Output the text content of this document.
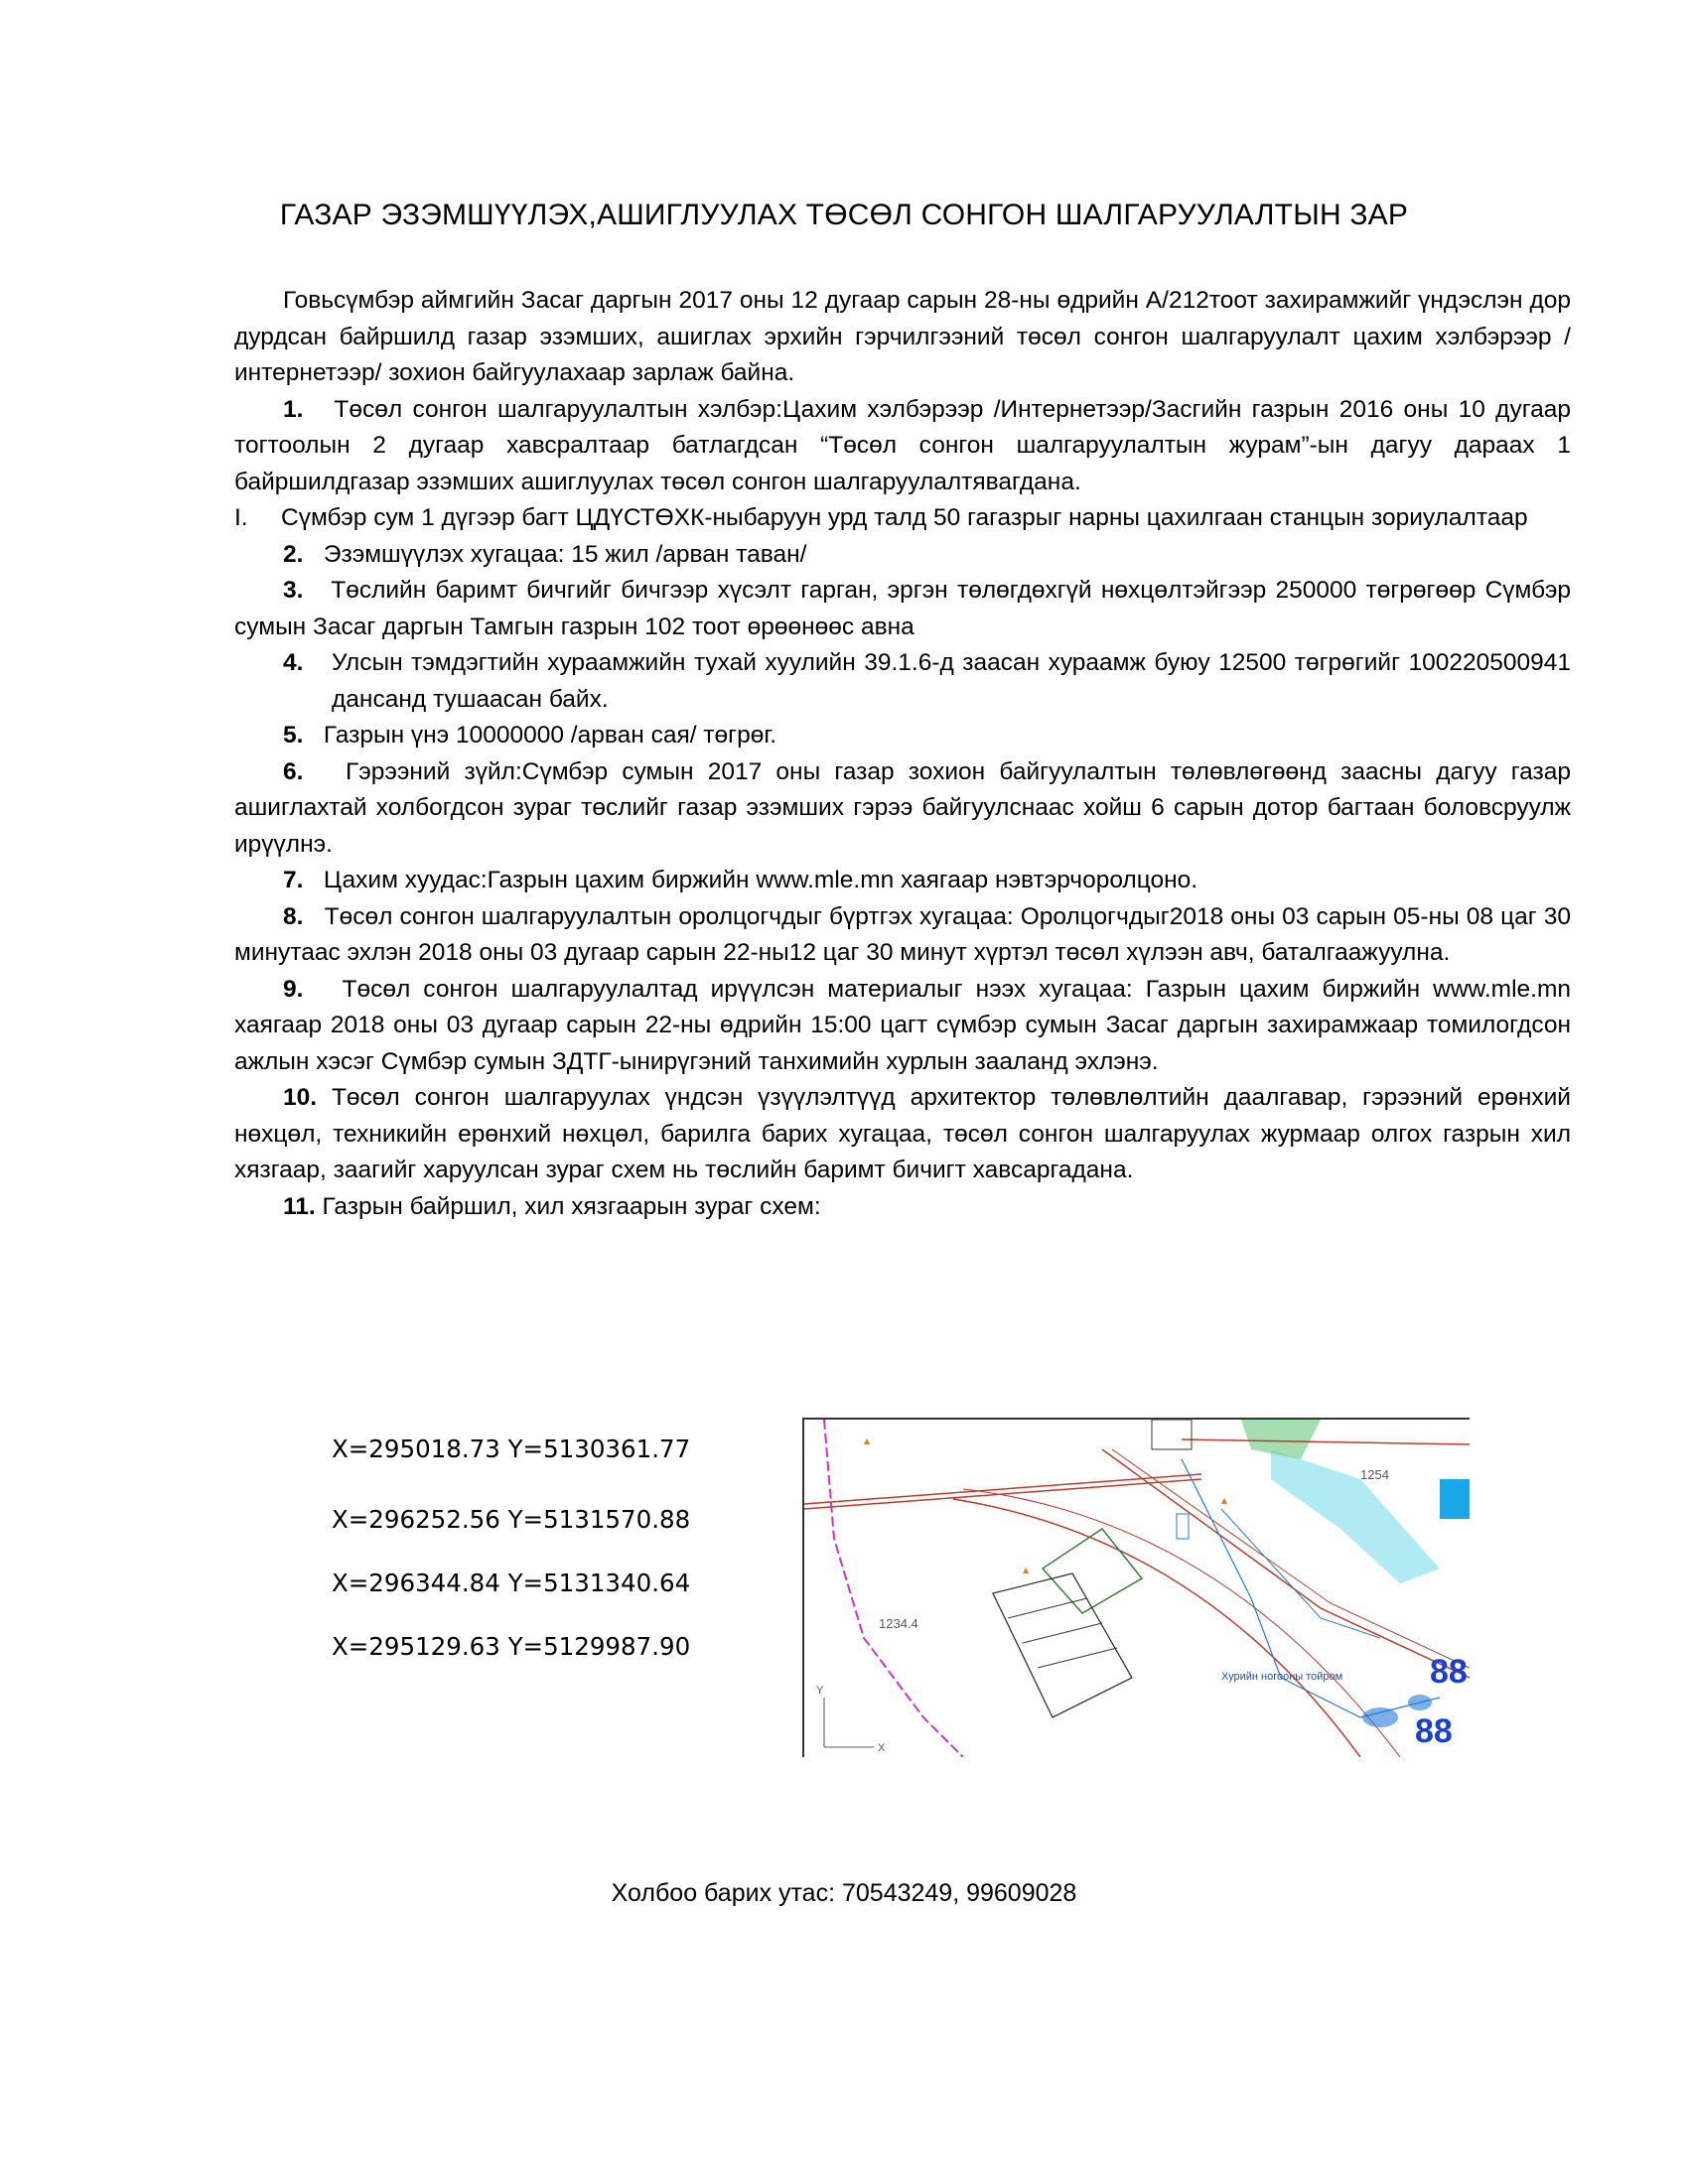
ГАЗАР ЭЗЭМШҮҮЛЭХ,АШИГЛУУЛАХ ТӨСӨЛ СОНГОН ШАЛГАРУУЛАЛТЫН ЗАР

Говьсүмбэр аймгийн Засаг даргын 2017 оны 12 дугаар сарын 28-ны өдрийн А/212тоот захирамжийг үндэслэн дор дурдсан байршилд газар эзэмших, ашиглах эрхийн гэрчилгээний төсөл сонгон шалгаруулалт цахим хэлбэрээр /интернетээр/ зохион байгуулахаар зарлаж байна.

1. Төсөл сонгон шалгаруулалтын хэлбэр:Цахим хэлбэрээр /Интернетээр/Засгийн газрын 2016 оны 10 дугаар тогтоолын 2 дугаар хавсралтаар батлагдсан “Төсөл сонгон шалгаруулалтын журам”-ын дагуу дараах 1 байршилдгазар эзэмших ашиглуулах төсөл сонгон шалгаруулалтявагдана.

I. Сүмбэр сум 1 дүгээр багт ЦДҮСТӨХК-ныбаруун урд талд 50 гагазрыг нарны цахилгаан станцын зориулалтаар

2. Эзэмшүүлэх хугацаа: 15 жил /арван таван/

3. Төслийн баримт бичгийг бичгээр хүсэлт гарган, эргэн төлөгдөхгүй нөхцөлтэйгээр 250000 төгрөгөөр Сүмбэр сумын Засаг даргын Тамгын газрын 102 тоот өрөөнөөс авна

4. Улсын тэмдэгтийн хураамжийн тухай хуулийн 39.1.6-д заасан хураамж буюу 12500 төгрөгийг 100220500941 дансанд тушаасан байх.

5. Газрын үнэ 10000000 /арван сая/ төгрөг.

6. Гэрээний зүйл:Сүмбэр сумын 2017 оны газар зохион байгуулалтын төлөвлөгөөнд заасны дагуу газар ашиглахтай холбогдсон зураг төслийг газар эзэмших гэрээ байгуулснаас хойш 6 сарын дотор багтаан боловсруулж ирүүлнэ.

7. Цахим хуудас:Газрын цахим биржийн www.mle.mn хаягаар нэвтэрчоролцоно.

8. Төсөл сонгон шалгаруулалтын оролцогчдыг бүртгэх хугацаа: Оролцогчдыг2018 оны 03 сарын 05-ны 08 цаг 30 минутаас эхлэн 2018 оны 03 дугаар сарын 22-ны12 цаг 30 минут хүртэл төсөл хүлээн авч, баталгаажуулна.

9. Төсөл сонгон шалгаруулалтад ирүүлсэн материалыг нээх хугацаа: Газрын цахим биржийн www.mle.mn хаягаар 2018 оны 03 дугаар сарын 22-ны өдрийн 15:00 цагт сүмбэр сумын Засаг даргын захирамжаар томилогдсон ажлын хэсэг Сүмбэр сумын ЗДТГ-ынирүгэний танхимийн хурлын зааланд эхлэнэ.

10. Төсөл сонгон шалгаруулах үндсэн үзүүлэлтүүд архитектор төлөвлөлтийн даалгавар, гэрээний ерөнхий нөхцөл, техникийн ерөнхий нөхцөл, барилга барих хугацаа, төсөл сонгон шалгаруулах журмаар олгох газрын хил хязгаар, заагийг харуулсан зураг схем нь төслийн баримт бичигт хавсаргадана.

11. Газрын байршил, хил хязгаарын зураг схем:

X=295018.73 Y=5130361.77
X=296252.56 Y=5131570.88
X=296344.84 Y=5131340.64
X=295129.63 Y=5129987.90
1254
1234.4
Хурийн ногооны тойром	88
88
Y
X
▴
▴
▴
Холбоо барих утас: 70543249, 99609028
